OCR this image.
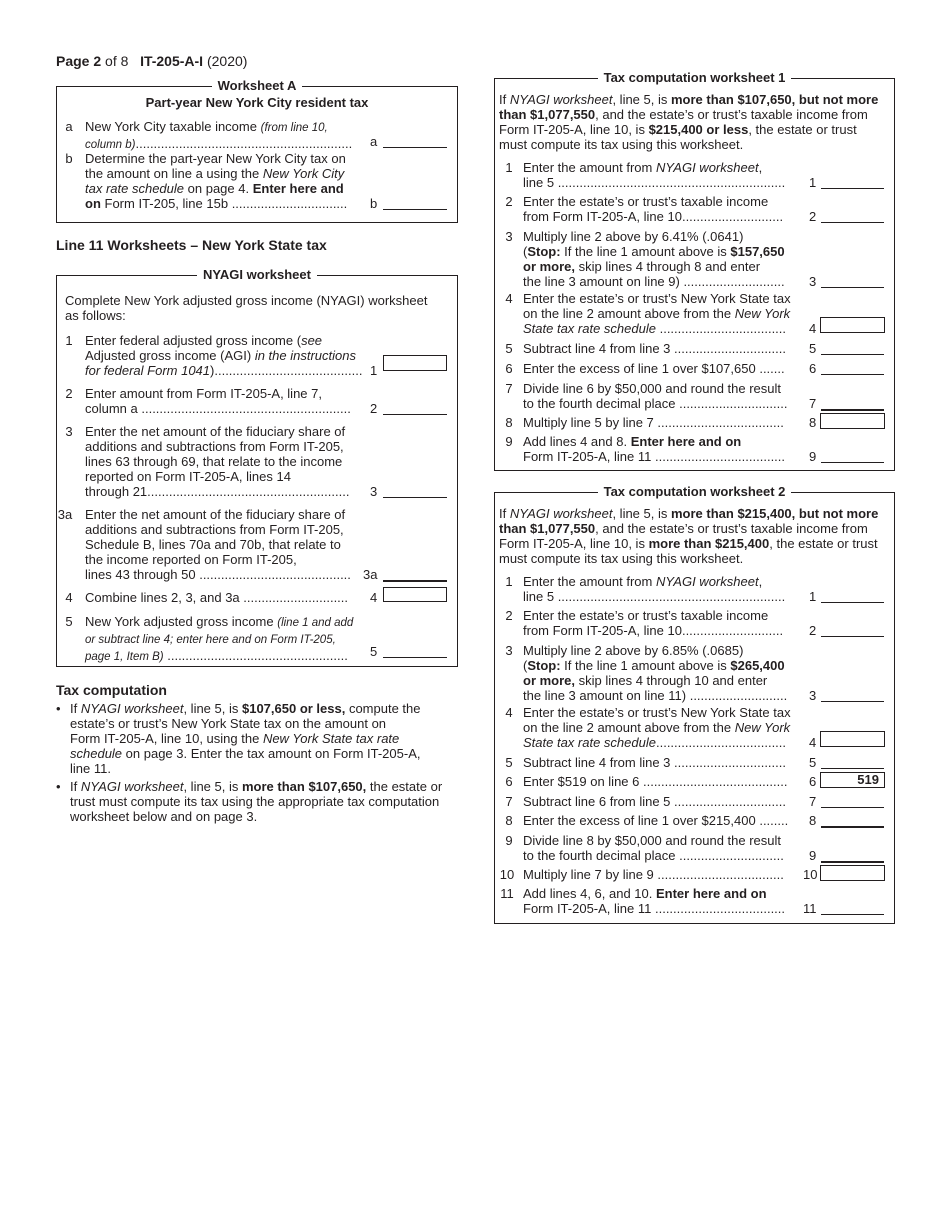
Page 2 of 8 IT-205-A-I (2020)
Worksheet A
Part-year New York City resident tax
a New York City taxable income (from line 10,
column b)............................................................ a
b Determine the part-year New York City tax on
the amount on line a using the New York City
tax rate schedule on page 4. Enter here and
on Form IT-205, line 15b ................................ b
Line 11 Worksheets – New York State tax
NYAGI worksheet
Complete New York adjusted gross income (NYAGI) worksheet
as follows:
1 Enter federal adjusted gross income (see
Adjusted gross income (AGI) in the instructions
for federal Form 1041)......................................... 1
2 Enter amount from Form IT-205-A, line 7,
column a .......................................................... 2
3 Enter the net amount of the fiduciary share of
additions and subtractions from Form IT-205,
lines 63 through 69, that relate to the income
reported on Form IT-205-A, lines 14
through 21........................................................ 3
3a Enter the net amount of the fiduciary share of
additions and subtractions from Form IT-205,
Schedule B, lines 70a and 70b, that relate to
the income reported on Form IT-205,
lines 43 through 50 .......................................... 3a
4 Combine lines 2, 3, and 3a ............................. 4
5 New York adjusted gross income (line 1 and add
or subtract line 4; enter here and on Form IT-205,
page 1, Item B) ..................................................	5
Tax computation
• If NYAGI worksheet, line 5, is $107,650 or less, compute the
estate’s or trust’s New York State tax on the amount on
Form IT-205-A, line 10, using the New York State tax rate
schedule on page 3. Enter the tax amount on Form IT-205-A,
line 11.
• If NYAGI worksheet, line 5, is more than $107,650, the estate or
trust must compute its tax using the appropriate tax computation
worksheet below and on page 3.
Tax computation worksheet 1
If NYAGI worksheet, line 5, is more than $107,650, but not more
than $1,077,550, and the estate’s or trust’s taxable income from
Form IT-205-A, line 10, is $215,400 or less, the estate or trust
must compute its tax using this worksheet.
1 Enter the amount from NYAGI worksheet,
line 5 ............................................................... 1
2 Enter the estate’s or trust’s taxable income
from Form IT-205-A, line 10............................ 2
3 Multiply line 2 above by 6.41% (.0641)
(Stop: If the line 1 amount above is $157,650
or more, skip lines 4 through 8 and enter
the line 3 amount on line 9) ............................ 3
4 Enter the estate’s or trust’s New York State tax
on the line 2 amount above from the New York
State tax rate schedule ...................................	4
5 Subtract line 4 from line 3 ............................... 5
6 Enter the excess of line 1 over $107,650 ....... 6
7 Divide line 6 by $50,000 and round the result
to the fourth decimal place .............................. 7
8 Multiply line 5 by line 7 ................................... 8
9 Add lines 4 and 8. Enter here and on
Form IT-205-A, line 11 .................................... 9
Tax computation worksheet 2
If NYAGI worksheet, line 5, is more than $215,400, but not more
than $1,077,550, and the estate’s or trust’s taxable income from
Form IT-205-A, line 10, is more than $215,400, the estate or trust
must compute its tax using this worksheet.
1 Enter the amount from NYAGI worksheet,
line 5 ............................................................... 1
2 Enter the estate’s or trust’s taxable income
from Form IT-205-A, line 10............................ 2
3 Multiply line 2 above by 6.85% (.0685)
(Stop: If the line 1 amount above is $265,400
or more, skip lines 4 through 10 and enter
the line 3 amount on line 11) ........................... 3
4 Enter the estate’s or trust’s New York State tax
on the line 2 amount above from the New York
State tax rate schedule....................................	4
5 Subtract line 4 from line 3 ............................... 5
6 Enter $519 on line 6 ........................................ 6	519
7 Subtract line 6 from line 5 ............................... 7
8 Enter the excess of line 1 over $215,400 ........ 8
9 Divide line 8 by $50,000 and round the result
to the fourth decimal place ............................. 9
10 Multiply line 7 by line 9 ................................... 10
11 Add lines 4, 6, and 10. Enter here and on
Form IT-205-A, line 11 .................................... 11
